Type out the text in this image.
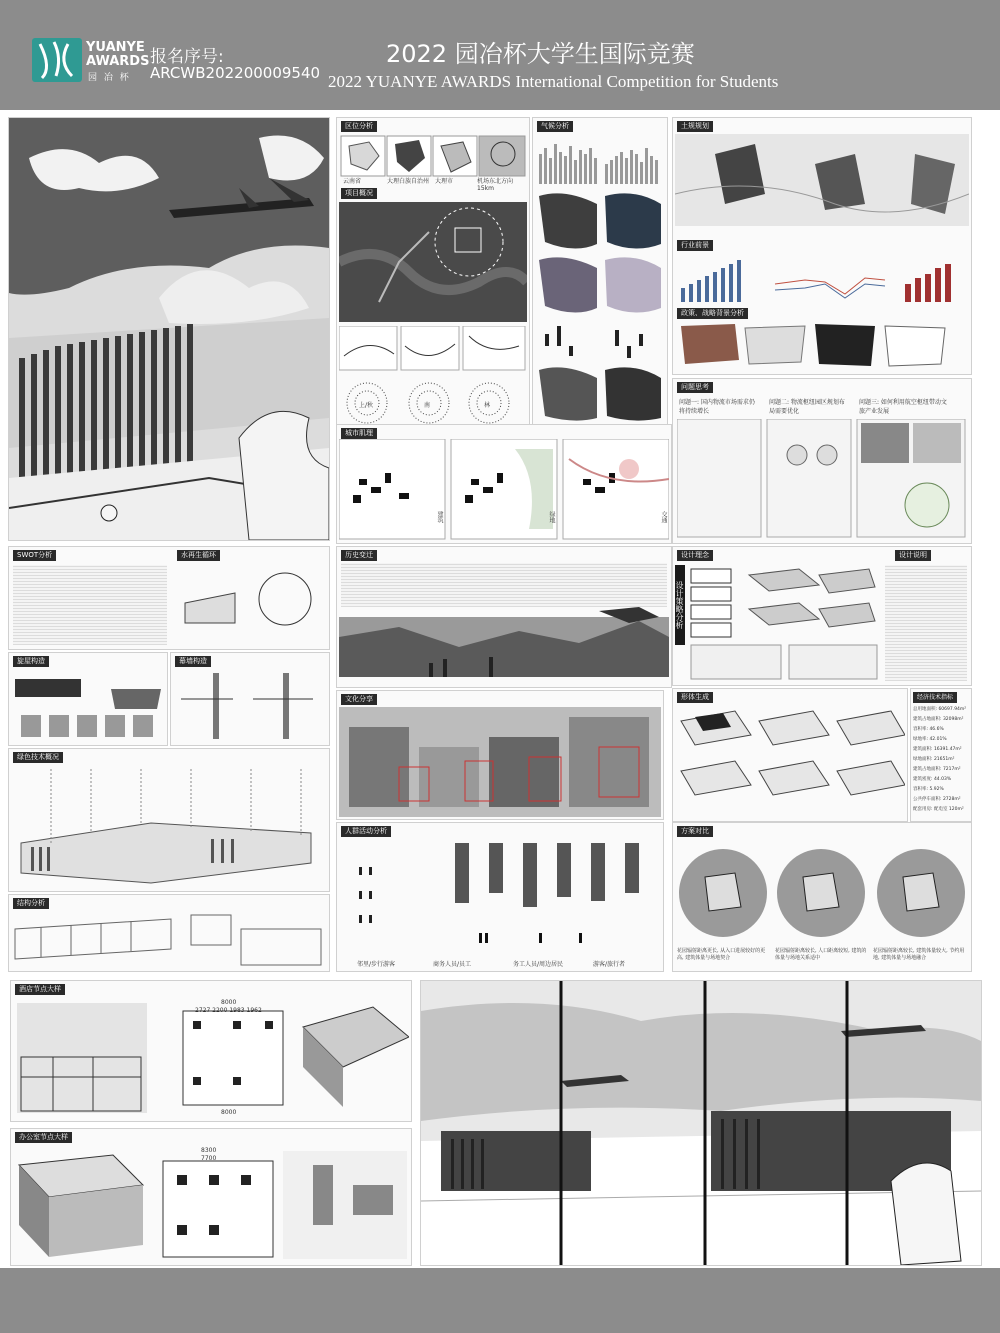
YUANYE
AWARDS
园 冶 杯
报名序号:
ARCWB202200009540
2022 园冶杯大学生国际竞赛
2022 YUANYE AWARDS International Competition for Students
区位分析
云南省	大理白族自治州 大理市	机场东北方向15km
项目概况
上/秋	南	林
气候分析	土规规划
行业前景
政策、战略背景分析
问题思考
问题一: 国内物流市场需求仍将持续增长
问题二: 物流枢纽园区规划布局需要优化
问题三: 如何利用航空枢纽带动文旅产业发展
城市肌理
建筑	绿地	交通
SWOT分析	水再生循环
旋屋构造	幕墙构造
绿色技术概况
结构分析
历史变迁
文化分享
人群活动分析
邻里/步行游客	商务人员/员工	务工人员/周边居民	游客/旅行者
设计理念	设计说明
设计策略分析
形体生成	经济技术指标
总用地面积: 60697.94m²
建筑占地面积: 32098m²
容积率: 46.6%
绿地率: 42.01%
建筑面积: 16391.47m²
绿地面积: 21651m²
建筑占地面积: 7217m²
建筑密度: 44.03%
容积率: 5.92%
公共停车面积: 2728m²
配套用房: 配电室 120m²
方案对比
花园辐射距离更长, 从入口进展较好的更高, 建筑体量与场地契合
花园辐射距离较长, 人口距离较短, 建筑的体量与场地关系适中
花园辐射距离较长, 建筑体量较大, 节约用地, 建筑体量与场地融合
酒店节点大样
8000
2727 2200 1983 1962
8000
办公室节点大样
8300
7700
